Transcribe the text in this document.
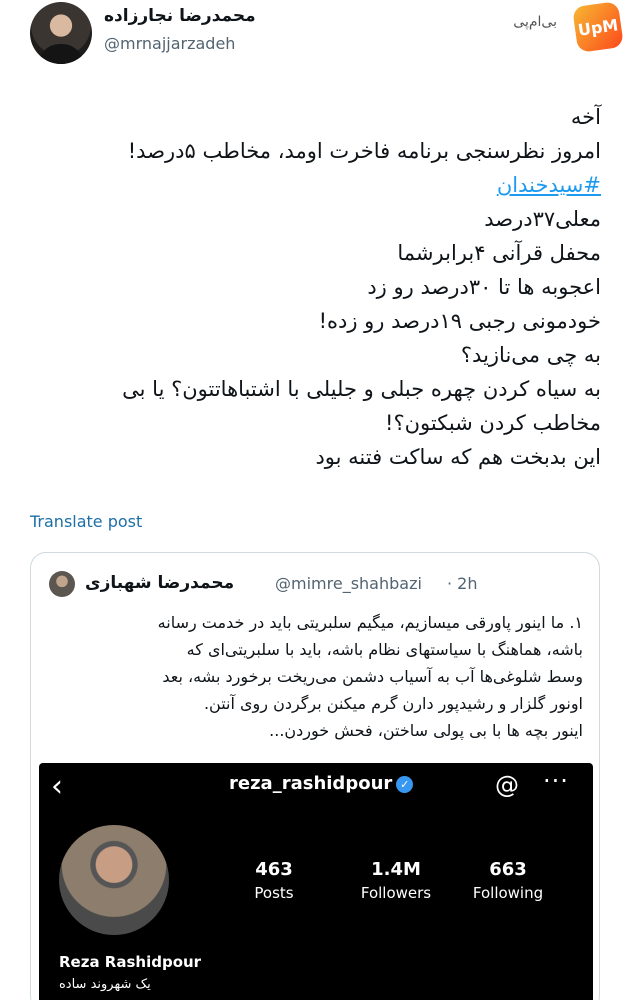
محمدرضا نجارزاده
@mrnajjarzadeh
بی‌ام‌پی UpM
آخه
امروز نظرسنجی برنامه فاخرت اومد، مخاطب ۵درصد!
#سیدخندان
معلی۳۷درصد
محفل قرآنی ۴برابرشما
اعجوبه ها تا ۳۰درصد رو زد
خودمونی رجبی ۱۹درصد رو زده!
به چی می‌نازید؟
به سیاه کردن چهره جبلی و جلیلی با اشتباهاتتون؟ یا بی
مخاطب کردن شبکتون؟!
این بدبخت هم که ساکت فتنه بود
Translate post
محمدرضا شهبازی	@mimre_shahbazi · 2h
۱. ما اینور پاورقی میسازیم، میگیم سلبریتی باید در خدمت رسانه
باشه، هماهنگ با سیاستهای نظام باشه، باید با سلبریتی‌ای که
وسط شلوغی‌ها آب به آسیاب دشمن می‌ریخت برخورد بشه، بعد
اونور گلزار و رشیدپور دارن گرم میکنن برگردن روی آنتن.
اینور بچه ها با بی پولی ساختن، فحش خوردن...
‹	reza_rashidpour ✓	@ ···
463
Posts
1.4M
Followers
663
Following
Reza Rashidpour
یک شهروند ساده
